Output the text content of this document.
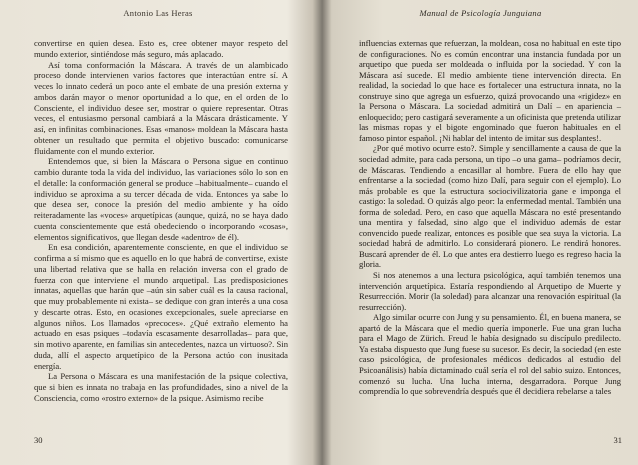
Antonio Las Heras

convertirse en quien desea. Esto es, cree obtener mayor respeto del mundo exterior, sintiéndose más seguro, más aplacado.

Así toma conformación la Máscara. A través de un alambicado proceso donde intervienen varios factores que interactúan entre sí. A veces lo innato cederá un poco ante el embate de una presión externa y ambos darán mayor o menor oportunidad a lo que, en el orden de lo Consciente, el individuo desee ser, mostrar o quiere representar. Otras veces, el entusiasmo personal cambiará a la Máscara drásticamente. Y así, en infinitas combinaciones. Esas «manos» moldean la Máscara hasta obtener un resultado que permita el objetivo buscado: comunicarse fluidamente con el mundo exterior.

Entendemos que, si bien la Máscara o Persona sigue en continuo cambio durante toda la vida del individuo, las variaciones sólo lo son en el detalle: la conformación general se produce –habitualmente– cuando el individuo se aproxima a su tercer década de vida. Entonces ya sabe lo que desea ser, conoce la presión del medio ambiente y ha oído reiteradamente las «voces» arquetípicas (aunque, quizá, no se haya dado cuenta conscientemente que está obedeciendo o incorporando «cosas», elementos significativos, que llegan desde «adentro» de él).

En esa condición, aparentemente consciente, en que el individuo se confirma a sí mismo que es aquello en lo que habrá de convertirse, existe una libertad relativa que se halla en relación inversa con el grado de fuerza con que interviene el mundo arquetipal. Las predisposiciones innatas, aquellas que harán que –aún sin saber cuál es la causa racional, que muy probablemente ni exista– se dedique con gran interés a una cosa y descarte otras. Esto, en ocasiones excepcionales, suele apreciarse en algunos niños. Los llamados «precoces». ¿Qué extraño elemento ha actuado en esas psiques –todavía escasamente desarrolladas– para que, sin motivo aparente, en familias sin antecedentes, nazca un virtuoso?. Sin duda, allí el aspecto arquetípico de la Persona actúo con inusitada energía.

La Persona o Máscara es una manifestación de la psique colectiva, que si bien es innata no trabaja en las profundidades, sino a nivel de la Consciencia, como «rostro externo» de la psique. Asimismo recibe

30
Manual de Psicología Junguiana

influencias externas que refuerzan, la moldean, cosa no habitual en este tipo de configuraciones. No es común encontrar una instancia fundada por un arquetipo que pueda ser moldeada o influida por la sociedad. Y con la Máscara así sucede. El medio ambiente tiene intervención directa. En realidad, la sociedad lo que hace es fortalecer una estructura innata, no la construye sino que agrega un esfuerzo, quizá provocando una «rigidez» en la Persona o Máscara. La sociedad admitirá un Dalí – en apariencia – enloquecido; pero castigará severamente a un oficinista que pretenda utilizar las mismas ropas y el bigote engominado que fueron habituales en el famoso pintor español. ¡Ni hablar del intento de imitar sus desplantes!.

¿Por qué motivo ocurre esto?. Simple y sencillamente a causa de que la sociedad admite, para cada persona, un tipo –o una gama– podríamos decir, de Máscaras. Tendiendo a encasillar al hombre. Fuera de ello hay que enfrentarse a la sociedad (como hizo Dalí, para seguir con el ejemplo). Lo más probable es que la estructura sociocivilizatoria gane e imponga el castigo: la soledad. O quizás algo peor: la enfermedad mental. También una forma de soledad. Pero, en caso que aquella Máscara no esté presentando una mentira y falsedad, sino algo que el individuo además de estar convencido puede realizar, entonces es posible que sea suya la victoria. La sociedad habrá de admitirlo. Lo considerará pionero. Le rendirá honores. Buscará aprender de él. Lo que antes era destierro luego es regreso hacia la gloria.

Si nos atenemos a una lectura psicológica, aquí también tenemos una intervención arquetípica. Estaría respondiendo al Arquetipo de Muerte y Resurrección. Morir (la soledad) para alcanzar una renovación espiritual (la resurrección).

Algo similar ocurre con Jung y su pensamiento. Él, en buena manera, se apartó de la Máscara que el medio quería imponerle. Fue una gran lucha para el Mago de Zürich. Freud le había designado su discípulo predilecto. Ya estaba dispuesto que Jung fuese su sucesor. Es decir, la sociedad (en este caso psicológica, de profesionales médicos dedicados al estudio del Psicoanálisis) había dictaminado cuál sería el rol del sabio suizo. Entonces, comenzó su lucha. Una lucha interna, desgarradora. Porque Jung comprendía lo que sobrevendría después que él decidiera rebelarse a tales

31
